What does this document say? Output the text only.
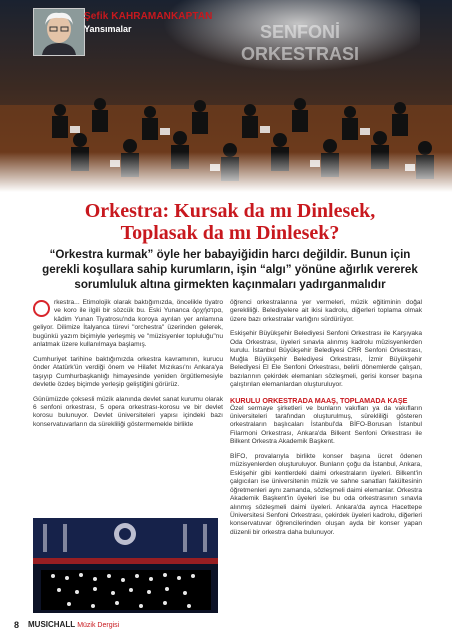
SENFONİ
ORKESTRASI
Şefik KAHRAMANKAPTAN
Yansımalar
Orkestra: Kursak da mı Dinlesek,
Toplasak da mı Dinlesek?

“Orkestra kurmak” öyle her babayiğidin harcı değildir. Bunun için gerekli koşullara sahip kurumların, işin “algı” yönüne ağırlık vererek sorumluluk altına girmekten kaçınmaları yadırganmalıdır

rkestra... Etimolojik olarak baktığımızda, öncelikle tiyatro ve koro ile ilgili bir sözcük bu. Eski Yunanca όρχήστρα, kâdim Yunan Tiyatrosu'nda koroya ayrılan yer anlamına geliyor. Dilimize İtalyanca türevi "orchestra" üzerinden gelerek, bugünkü yazım biçimiyle yerleşmiş ve "müzisyenler topluluğu"nu anlatmak üzere kullanılmaya başlamış.

Cumhuriyet tarihine baktığımızda orkestra kavramının, kurucu önder Atatürk'ün verdiği önem ve Hilafet Mızıkası'nı Ankara'ya taşıyıp Cumhurbaşkanlığı himayesinde yeniden örgütlemesiyle devletle özdeş biçimde yerleşip geliştiğini görürüz.

Günümüzde çoksesli müzik alanında devlet sanat kurumu olarak 6 senfoni orkestrası, 5 opera orkestrası-korosu ve bir devlet korosu bulunuyor. Devlet üniversiteleri yapısı içindeki bazı konservatuvarların da sürekliliği göstermemekle birlikte

öğrenci orkestralarına yer vermeleri, müzik eğitiminin doğal gerekliliği. Belediyelere ait ikisi kadrolu, diğerleri toplama olmak üzere bazı orkestralar varlığını sürdürüyor.

Eskişehir Büyükşehir Belediyesi Senfoni Orkestrası ile Karşıyaka Oda Orkestrası, üyeleri sınavla alınmış kadrolu müzisyenlerden kurulu. İstanbul Büyükşehir Belediyesi CRR Senfoni Orkestrası, Muğla Büyükşehir Belediyesi Orkestrası, İzmir Büyükşehir Belediyesi El Ele Senfoni Orkestrası, belirli dönemlerde çalışan, bazılarının çekirdek elemanları sözleşmeli, gerisi konser başına çalıştırılan elemanlardan oluşturuluyor.

KURULU ORKESTRADA MAAŞ, TOPLAMADA KAŞE

Özel sermaye şirketleri ve bunların vakıfları ya da vakıfların üniversiteleri tarafından oluşturulmuş, sürekliliği gösteren orkestraların başlıcaları İstanbul'da BİFO-Borusan İstanbul Filarmoni Orkestrası, Ankara'da Bilkent Senfoni Orkestrası ile Bilkent Orkestra Akademik Başkent.

BİFO, provalarıyla birlikte konser başına ücret ödenen müzisyenlerden oluşturuluyor. Bunların çoğu da İstanbul, Ankara, Eskişehir gibi kentlerdeki daimi orkestraların üyeleri. Bilkent'in çalgıcıları ise üniversitenin müzik ve sahne sanatları fakültesinin öğretmenleri aynı zamanda, sözleşmeli daimi elemanlar. Orkestra Akademik Başkent'in üyeleri ise bu oda orkestrasının sınavla alınmış sözleşmeli daimi üyeleri. Ankara'da ayrıca Hacettepe Üniversitesi Senfoni Orkestrası, çekirdek üyeleri kadrolu, diğerleri konservatuvar öğrencilerinden oluşan ayda bir konser yapan düzenli bir orkestra daha bulunuyor.

8 MUSICHALL Müzik Dergisi
